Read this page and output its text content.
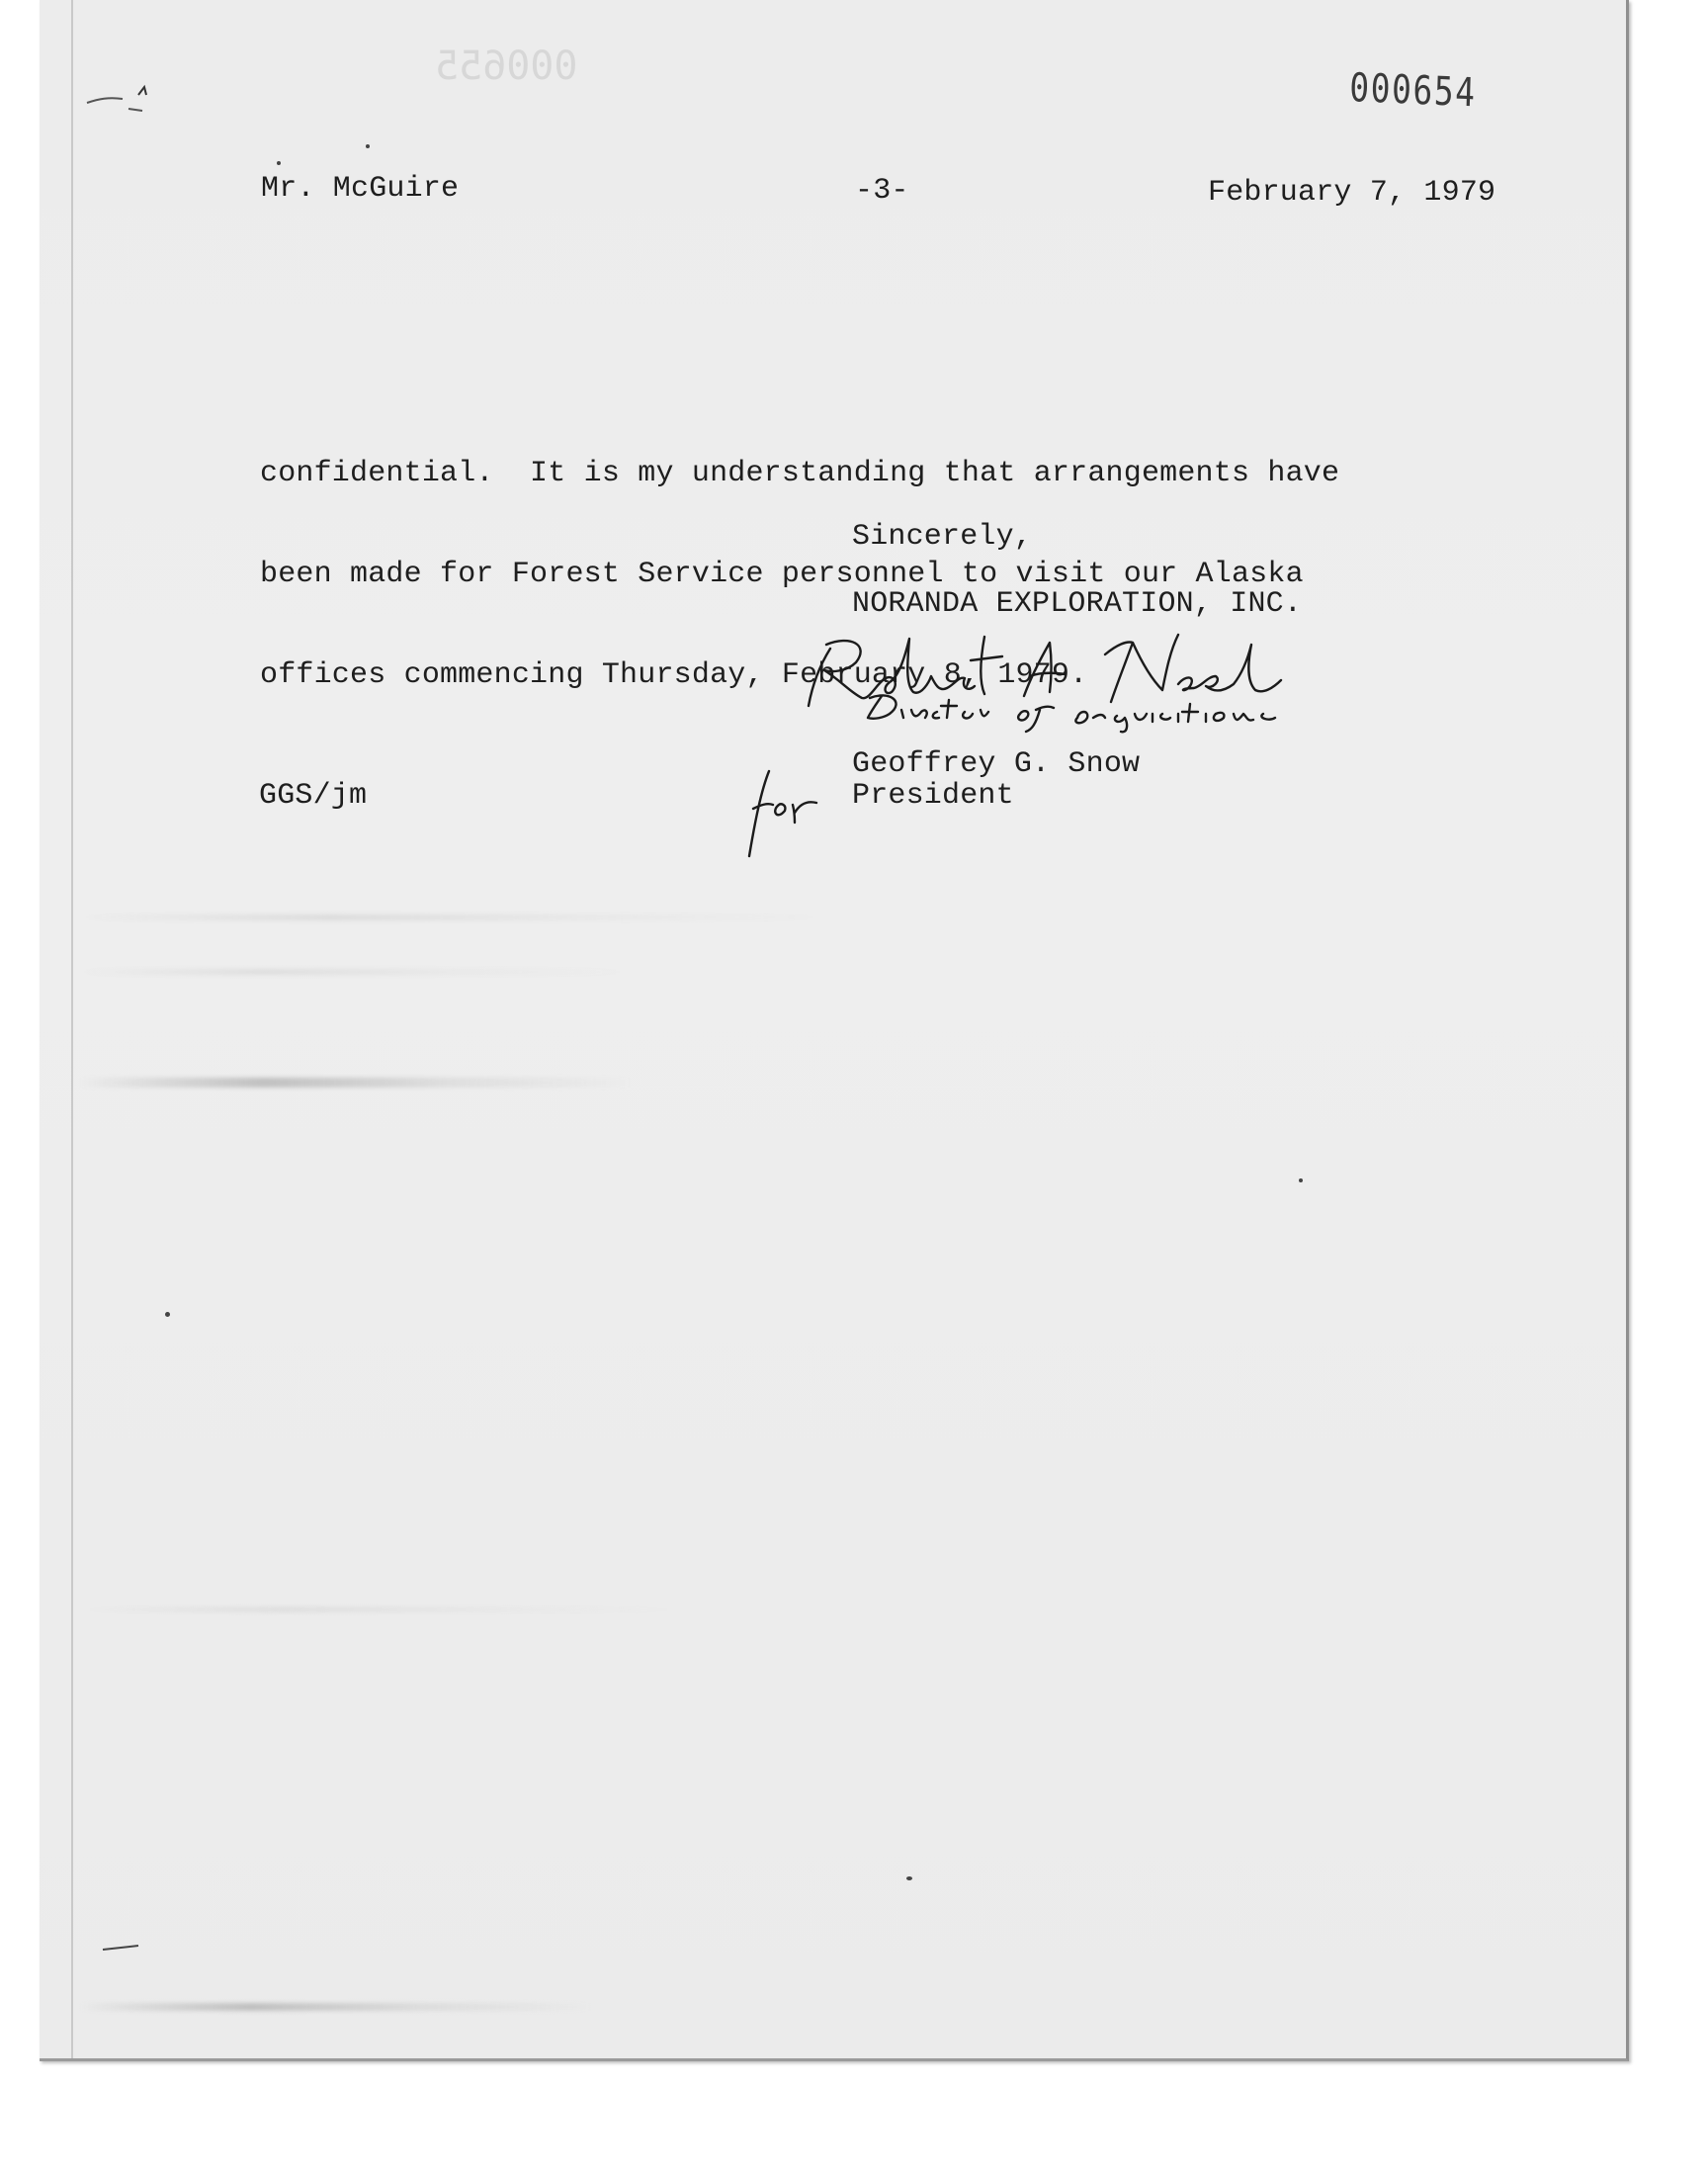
000655	000654
Mr. McGuire	-3-	February 7, 1979

confidential.  It is my understanding that arrangements have

been made for Forest Service personnel to visit our Alaska

offices commencing Thursday, February 8, 1979.

Sincerely,
NORANDA EXPLORATION, INC.
Geoffrey G. Snow
President
GGS/jm
